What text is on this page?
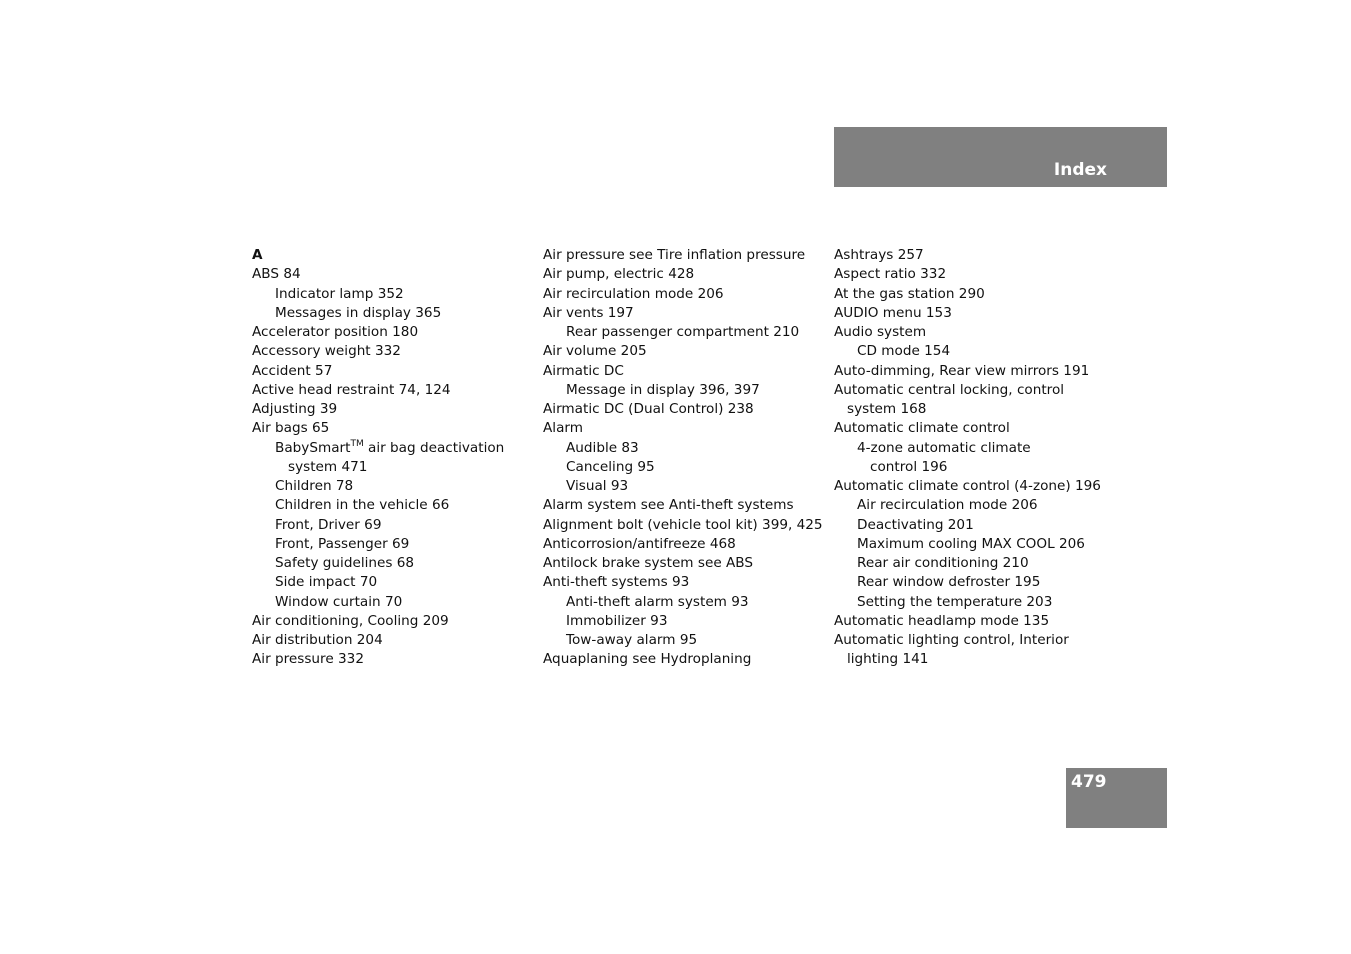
Index
A
ABS 84
Indicator lamp 352
Messages in display 365
Accelerator position 180
Accessory weight 332
Accident 57
Active head restraint 74, 124
Adjusting 39
Air bags 65
BabySmart™ air bag deactivation
system 471
Children 78
Children in the vehicle 66
Front, Driver 69
Front, Passenger 69
Safety guidelines 68
Side impact 70
Window curtain 70
Air conditioning, Cooling 209
Air distribution 204
Air pressure 332
Air pressure see Tire inflation pressure
Air pump, electric 428
Air recirculation mode 206
Air vents 197
Rear passenger compartment 210
Air volume 205
Airmatic DC
Message in display 396, 397
Airmatic DC (Dual Control) 238
Alarm
Audible 83
Canceling 95
Visual 93
Alarm system see Anti-theft systems
Alignment bolt (vehicle tool kit) 399, 425
Anticorrosion/antifreeze 468
Antilock brake system see ABS
Anti-theft systems 93
Anti-theft alarm system 93
Immobilizer 93
Tow-away alarm 95
Aquaplaning see Hydroplaning
Ashtrays 257
Aspect ratio 332
At the gas station 290
AUDIO menu 153
Audio system
CD mode 154
Auto-dimming, Rear view mirrors 191
Automatic central locking, control
system 168
Automatic climate control
4-zone automatic climate
control 196
Automatic climate control (4-zone) 196
Air recirculation mode 206
Deactivating 201
Maximum cooling MAX COOL 206
Rear air conditioning 210
Rear window defroster 195
Setting the temperature 203
Automatic headlamp mode 135
Automatic lighting control, Interior
lighting 141
479
